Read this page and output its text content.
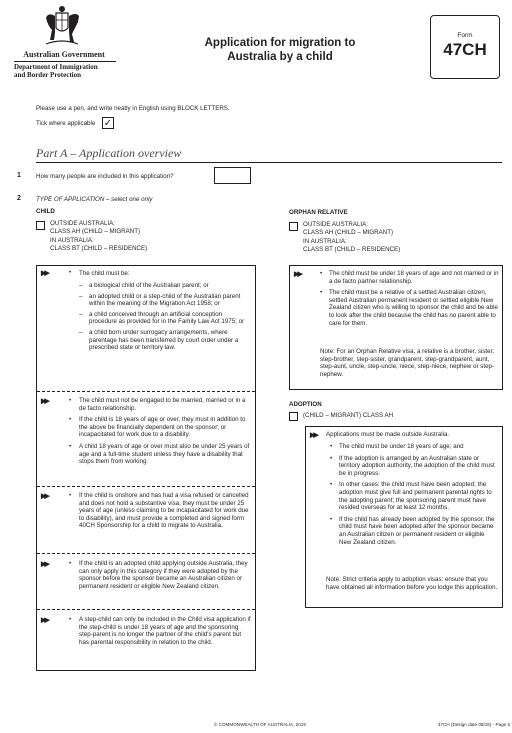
Australian Government
Department of Immigration
and Border Protection
Application for migration to
Australia by a child
Form
47CH
Please use a pen, and write neatly in English using BLOCK LETTERS.
Tick where applicable ✓
Part A – Application overview
1 How many people are included in this application?
2 TYPE OF APPLICATION – select one only
CHILD
OUTSIDE AUSTRALIA:
CLASS AH (CHILD – MIGRANT)
IN AUSTRALIA:
CLASS BT (CHILD – RESIDENCE)
▶▶	• The child must be:
–	a biological child of the Australian parent; or
–	an adopted child or a step-child of the Australian parent within the meaning of the Migration Act 1958; or
–	a child conceived through an artificial conception procedure as provided for in the Family Law Act 1975; or
–	a child born under surrogacy arrangements, where parentage has been transferred by court order under a prescribed state or territory law.
▶▶	•	The child must not be engaged to be married, married or in a de facto relationship.
•	If the child is 18 years of age or over, they must in addition to the above be financially dependent on the sponsor; or incapacitated for work due to a disability.
•	A child 18 years of age or over must also be under 25 years of age and a full-time student unless they have a disability that stops them from working.
▶▶	•	If the child is onshore and has had a visa refused or cancelled and does not hold a substantive visa, they must be under 25 years of age (unless claiming to be incapacitated for work due to disability), and must provide a completed and signed form 40CH Sponsorship for a child to migrate to Australia.
▶▶	•	If the child is an adopted child applying outside Australia, they can only apply in this category if they were adopted by the sponsor before the sponsor became an Australian citizen or permanent resident or eligible New Zealand citizen.
▶▶	•	A step-child can only be included in the Child visa application if the step-child is under 18 years of age and the sponsoring step-parent is no longer the partner of the child's parent but has parental responsibility in relation to the child.
ORPHAN RELATIVE
OUTSIDE AUSTRALIA:
CLASS AH (CHILD – MIGRANT)
IN AUSTRALIA:
CLASS BT (CHILD – RESIDENCE)
▶▶	•	The child must be under 18 years of age and not married or in a de facto partner relationship.
•	The child must be a relative of a settled Australian citizen, settled Australian permanent resident or settled eligible New Zealand citizen who is willing to sponsor the child and be able to look after the child because the child has no parent able to care for them.
Note: For an Orphan Relative visa, a relative is a brother, sister, step-brother, step-sister, grandparent, step-grandparent, aunt, step-aunt, uncle, step-uncle, niece, step-niece, nephew or step-nephew.
ADOPTION
(CHILD – MIGRANT) CLASS AH
▶▶ Applications must be made outside Australia.
•	The child must be under 18 years of age; and
•	If the adoption is arranged by an Australian state or territory adoption authority, the adoption of the child must be in progress.
•	In other cases: the child must have been adopted; the adoption must give full and permanent parental rights to the adopting parent; the sponsoring parent must have resided overseas for at least 12 months.
•	If the child has already been adopted by the sponsor, the child must have been adopted after the sponsor became an Australian citizen or permanent resident or eligible New Zealand citizen.
Note: Strict criteria apply to adoption visas: ensure that you have obtained all information before you lodge this application.
© COMMONWEALTH OF AUSTRALIA, 2015	47CH (Design date 08/15) - Page 5
